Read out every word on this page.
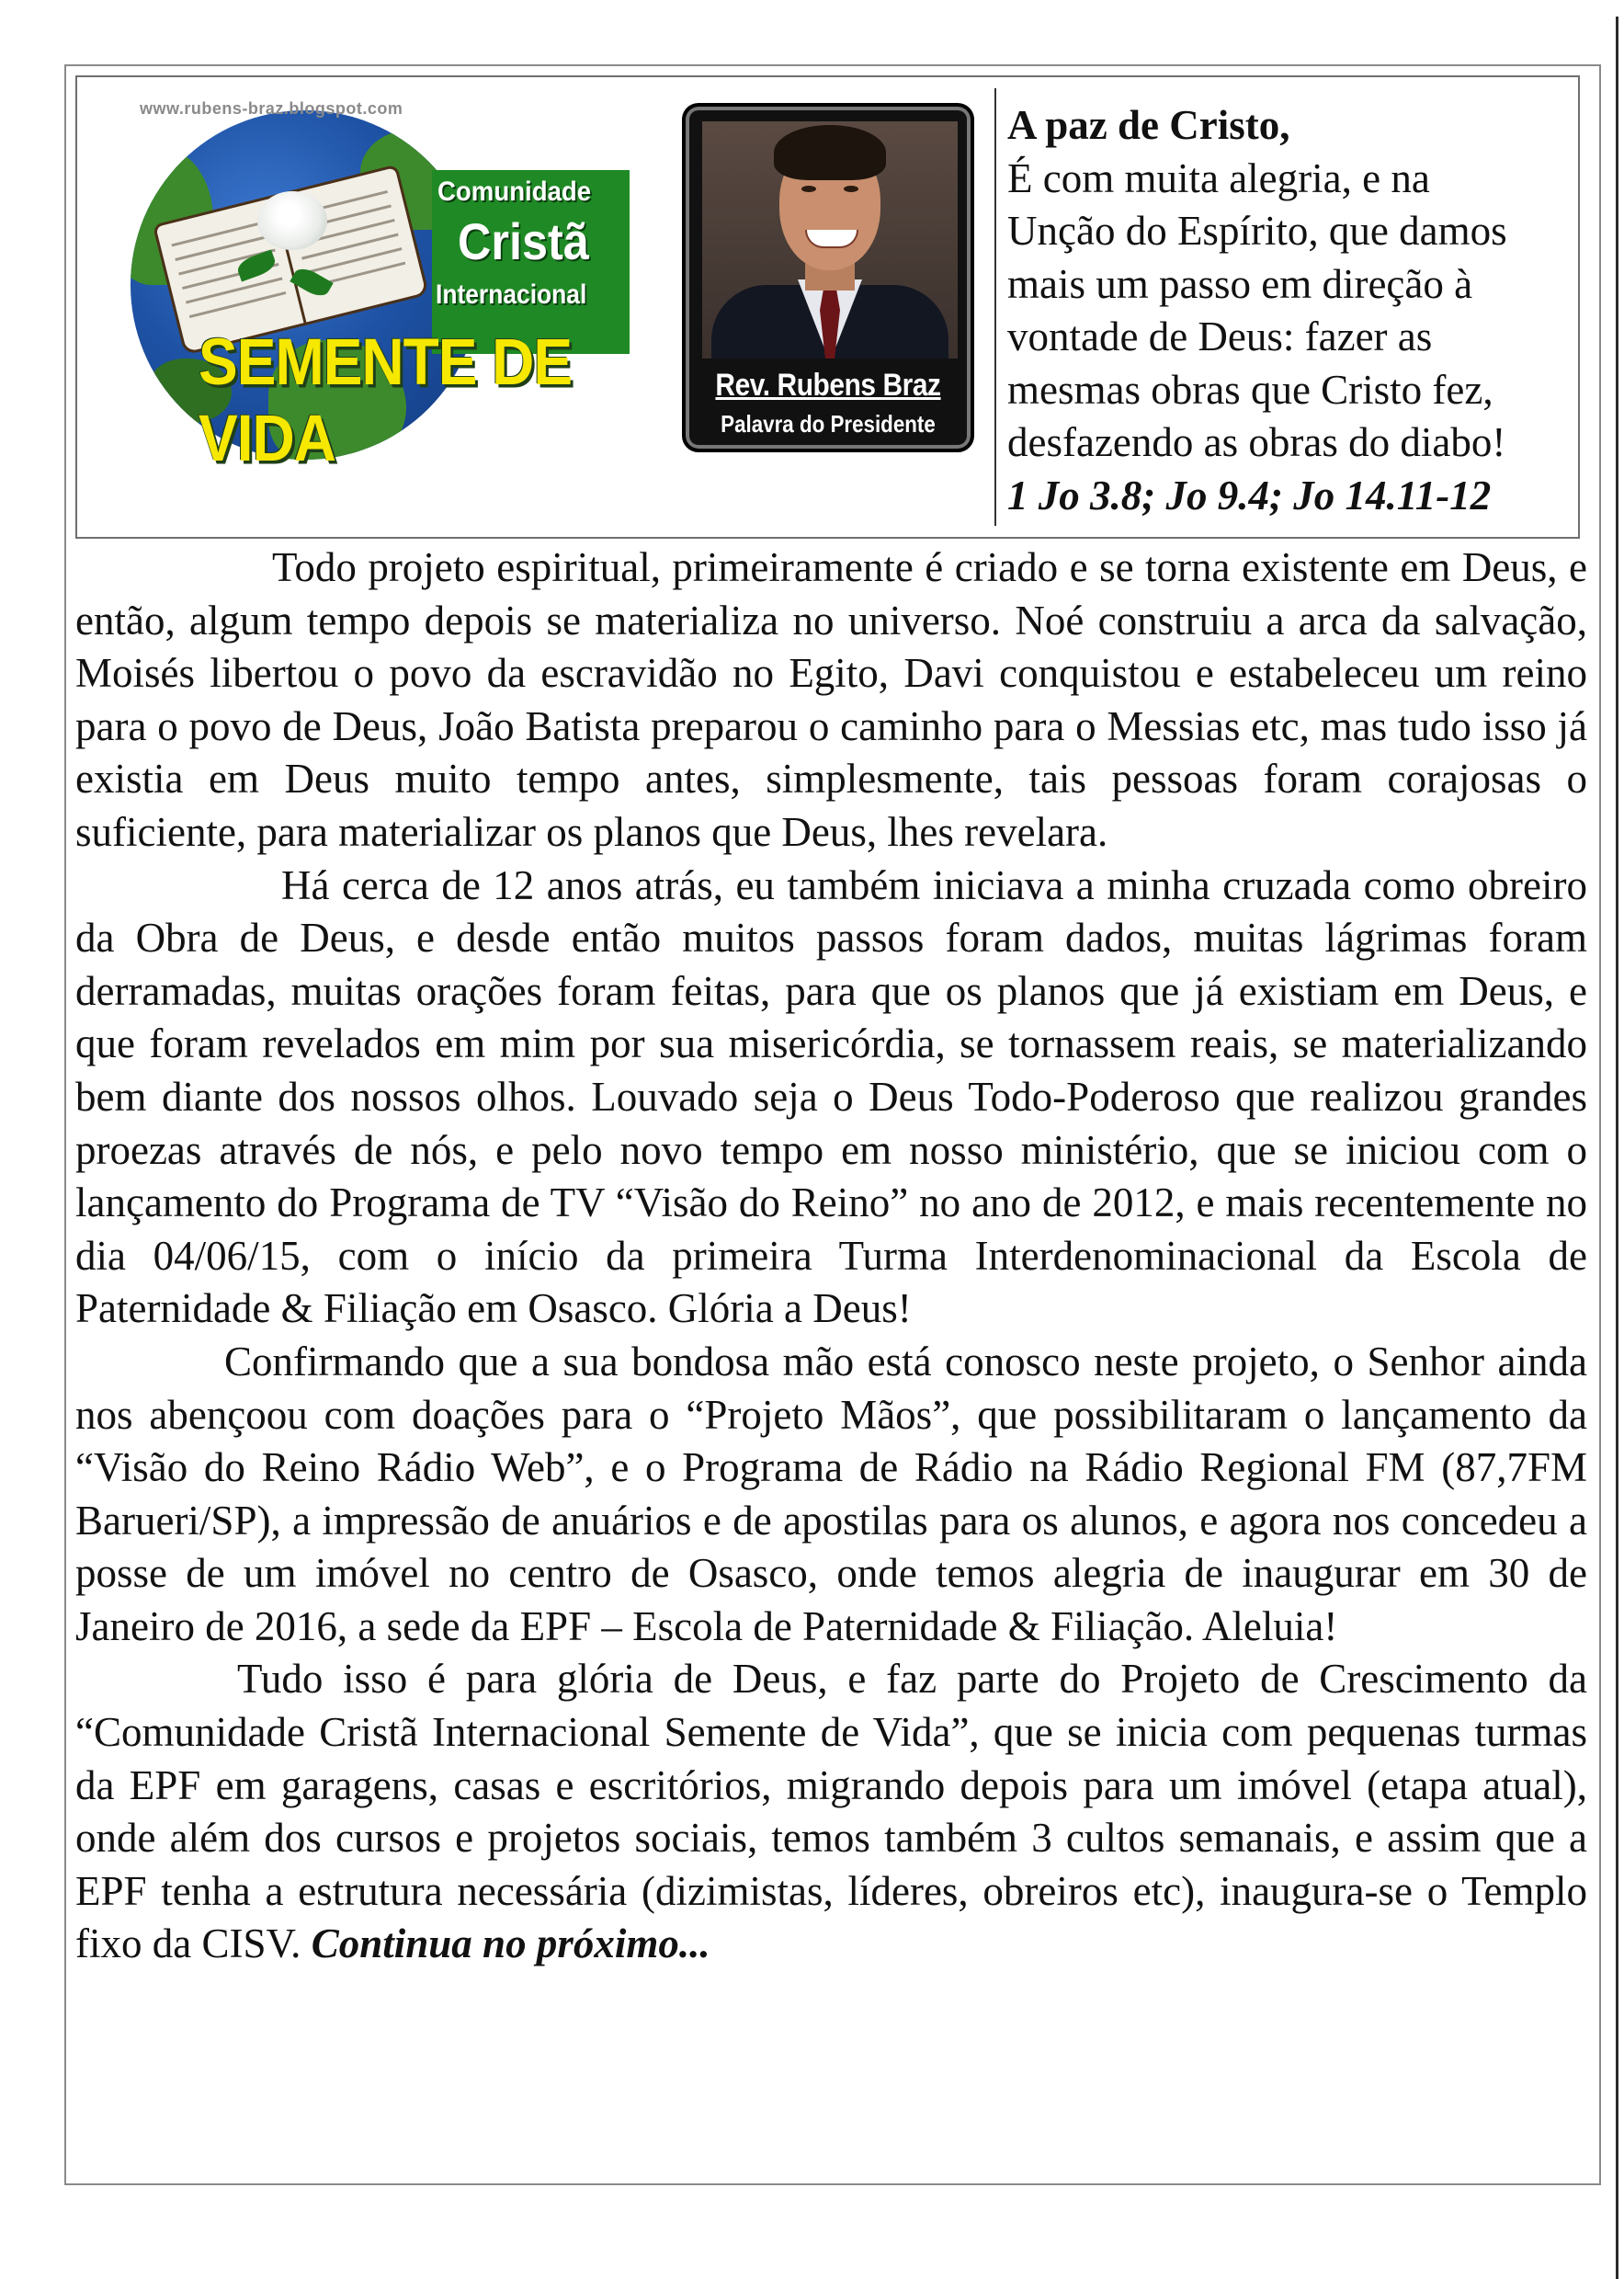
www.rubens-braz.blogspot.com
Comunidade
Cristã
Internacional
SEMENTE DE VIDA
Rev. Rubens Braz
Palavra do Presidente
A paz de Cristo,
É com muita alegria, e na
Unção do Espírito, que damos
mais um passo em direção à
vontade de Deus: fazer as
mesmas obras que Cristo fez,
desfazendo as obras do diabo!
1 Jo 3.8; Jo 9.4; Jo 14.11-12

Todo projeto espiritual, primeiramente é criado e se torna existente em Deus, e então, algum tempo depois se materializa no universo. Noé construiu a arca da salvação, Moisés libertou o povo da escravidão no Egito, Davi conquistou e estabeleceu um reino para o povo de Deus, João Batista preparou o caminho para o Messias etc, mas tudo isso já existia em Deus muito tempo antes, simplesmente, tais pessoas foram corajosas o suficiente, para materializar os planos que Deus, lhes revelara.

Há cerca de 12 anos atrás, eu também iniciava a minha cruzada como obreiro da Obra de Deus, e desde então muitos passos foram dados, muitas lágrimas foram derramadas, muitas orações foram feitas, para que os planos que já existiam em Deus, e que foram revelados em mim por sua misericórdia, se tornassem reais, se materializando bem diante dos nossos olhos. Louvado seja o Deus Todo-Poderoso que realizou grandes proezas através de nós, e pelo novo tempo em nosso ministério, que se iniciou com o lançamento do Programa de TV “Visão do Reino” no ano de 2012, e mais recentemente no dia 04/06/15, com o início da primeira Turma Interdenominacional da Escola de Paternidade & Filiação em Osasco. Glória a Deus!

Confirmando que a sua bondosa mão está conosco neste projeto, o Senhor ainda nos abençoou com doações para o “Projeto Mãos”, que possibilitaram o lançamento da “Visão do Reino Rádio Web”, e o Programa de Rádio na Rádio Regional FM (87,7FM Barueri/SP), a impressão de anuários e de apostilas para os alunos, e agora nos concedeu a posse de um imóvel no centro de Osasco, onde temos alegria de inaugurar em 30 de Janeiro de 2016, a sede da EPF – Escola de Paternidade & Filiação. Aleluia!

Tudo isso é para glória de Deus, e faz parte do Projeto de Crescimento da “Comunidade Cristã Internacional Semente de Vida”, que se inicia com pequenas turmas da EPF em garagens, casas e escritórios, migrando depois para um imóvel (etapa atual), onde além dos cursos e projetos sociais, temos também 3 cultos semanais, e assim que a EPF tenha a estrutura necessária (dizimistas, líderes, obreiros etc), inaugura-se o Templo fixo da CISV. Continua no próximo...
